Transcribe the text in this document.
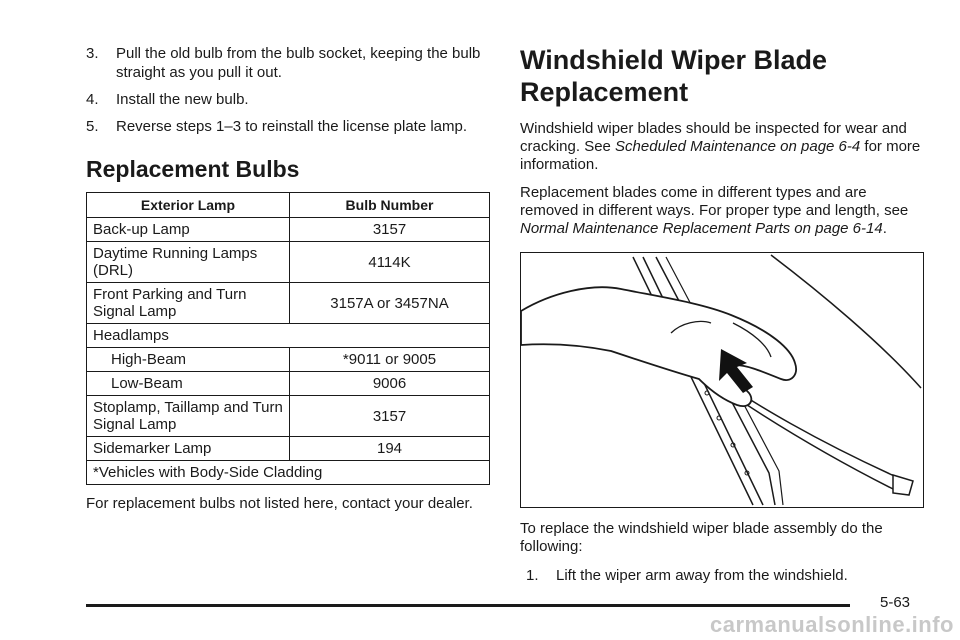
3. Pull the old bulb from the bulb socket, keeping the bulb straight as you pull it out.
4. Install the new bulb.
5. Reverse steps 1–3 to reinstall the license plate lamp.
Replacement Bulbs
Exterior Lamp	Bulb Number
Back-up Lamp	3157
Daytime Running Lamps (DRL)	4114K
Front Parking and Turn Signal Lamp	3157A or 3457NA
Headlamps	
High-Beam	*9011 or 9005
Low-Beam	9006
Stoplamp, Taillamp and Turn Signal Lamp	3157
Sidemarker Lamp	194
*Vehicles with Body-Side Cladding	

For replacement bulbs not listed here, contact your dealer.

Windshield Wiper Blade Replacement

Windshield wiper blades should be inspected for wear and cracking. See Scheduled Maintenance on page 6-4 for more information.

Replacement blades come in different types and are removed in different ways. For proper type and length, see Normal Maintenance Replacement Parts on page 6-14.

To replace the windshield wiper blade assembly do the following:

1. Lift the wiper arm away from the windshield.
5-63
carmanualsonline.info
